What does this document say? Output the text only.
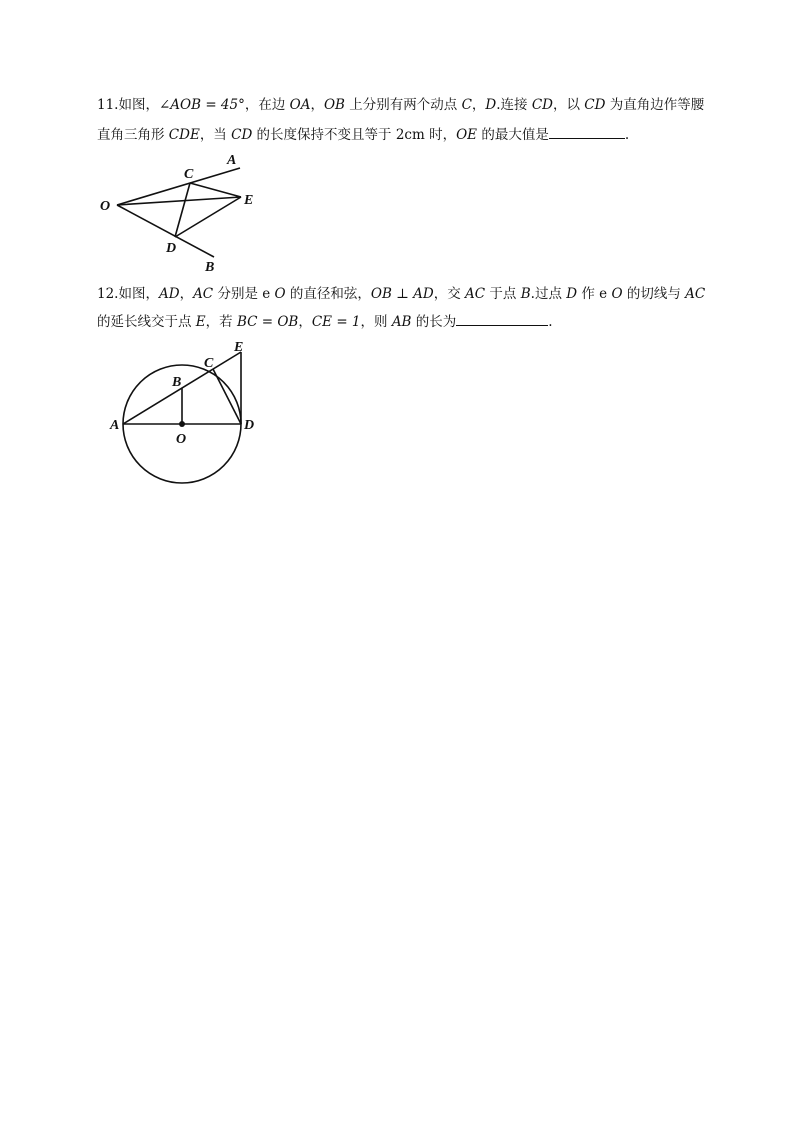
11.如图，∠AOB = 45°，在边 OA，OB 上分别有两个动点 C，D.连接 CD，以 CD 为直角边作等腰
直角三角形 CDE，当 CD 的长度保持不变且等于 2cm 时，OE 的最大值是	.
O
A
C
E
D
B
12.如图，AD，AC 分别是 e O 的直径和弦，OB ⊥ AD，交 AC 于点 B.过点 D 作 e O 的切线与 AC
的延长线交于点 E，若 BC = OB，CE = 1，则 AB 的长为	.
A
B
C
E
D
O
